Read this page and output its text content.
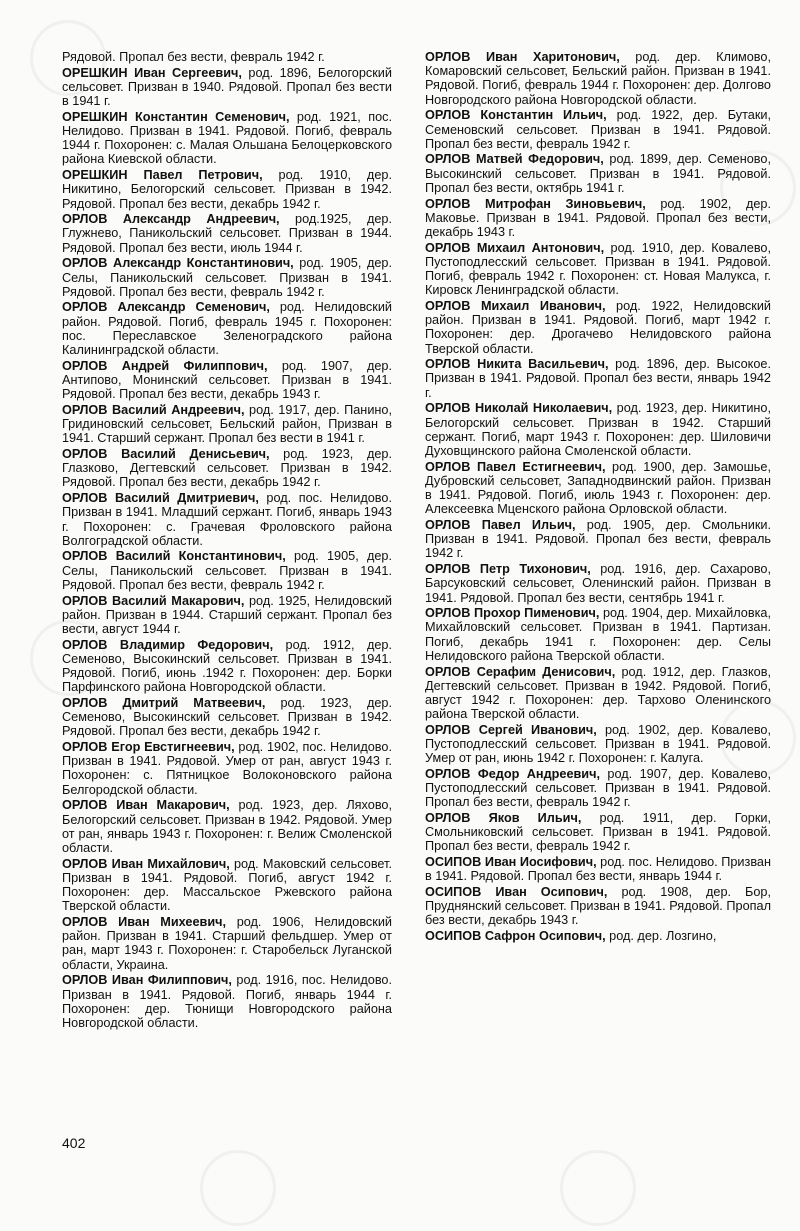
Рядовой. Пропал без вести, февраль 1942 г.
ОРЕШКИН Иван Сергеевич, род. 1896, Белогорский сельсовет. Призван в 1940. Рядовой. Пропал без вести в 1941 г.
ОРЕШКИН Константин Семенович, род. 1921, пос. Нелидово. Призван в 1941. Рядовой. Погиб, февраль 1944 г. Похоронен: с. Малая Ольшана Белоцерковского района Киевской области.
ОРЕШКИН Павел Петрович, род. 1910, дер. Никитино, Белогорский сельсовет. Призван в 1942. Рядовой. Пропал без вести, декабрь 1942 г.
ОРЛОВ Александр Андреевич, род.1925, дер. Глужнево, Паникольский сельсовет. Призван в 1944. Рядовой. Пропал без вести, июль 1944 г.
ОРЛОВ Александр Константинович, род. 1905, дер. Селы, Паникольский сельсовет. Призван в 1941. Рядовой. Пропал без вести, февраль 1942 г.
ОРЛОВ Александр Семенович, род. Нелидовский район. Рядовой. Погиб, февраль 1945 г. Похоронен: пос. Переславское Зеленоградского района Калининградской области.
ОРЛОВ Андрей Филиппович, род. 1907, дер. Антипово, Монинский сельсовет. Призван в 1941. Рядовой. Пропал без вести, декабрь 1943 г.
ОРЛОВ Василий Андреевич, род. 1917, дер. Панино, Гридиновский сельсовет, Бельский район, Призван в 1941. Старший сержант. Пропал без вести в 1941 г.
ОРЛОВ Василий Денисьевич, род. 1923, дер. Глазково, Дегтевский сельсовет. Призван в 1942. Рядовой. Пропал без вести, декабрь 1942 г.
ОРЛОВ Василий Дмитриевич, род. пос. Нелидово. Призван в 1941. Младший сержант. Погиб, январь 1943 г. Похоронен: с. Грачевая Фроловского района Волгоградской области.
ОРЛОВ Василий Константинович, род. 1905, дер. Селы, Паникольский сельсовет. Призван в 1941. Рядовой. Пропал без вести, февраль 1942 г.
ОРЛОВ Василий Макарович, род. 1925, Нелидовский район. Призван в 1944. Старший сержант. Пропал без вести, август 1944 г.
ОРЛОВ Владимир Федорович, род. 1912, дер. Семеново, Высокинский сельсовет. Призван в 1941. Рядовой. Погиб, июнь .1942 г. Похоронен: дер. Борки Парфинского района Новгородской области.
ОРЛОВ Дмитрий Матвеевич, род. 1923, дер. Семеново, Высокинский сельсовет. Призван в 1942. Рядовой. Пропал без вести, декабрь 1942 г.
ОРЛОВ Егор Евстигнеевич, род. 1902, пос. Нелидово. Призван в 1941. Рядовой. Умер от ран, август 1943 г. Похоронен: с. Пятницкое Волоконовского района Белгородской области.
ОРЛОВ Иван Макарович, род. 1923, дер. Ляхово, Белогорский сельсовет. Призван в 1942. Рядовой. Умер от ран, январь 1943 г. Похоронен: г. Велиж Смоленской области.
ОРЛОВ Иван Михайлович, род. Маковский сельсовет. Призван в 1941. Рядовой. Погиб, август 1942 г. Похоронен: дер. Массальское Ржевского района Тверской области.
ОРЛОВ Иван Михеевич, род. 1906, Нелидовский район. Призван в 1941. Старший фельдшер. Умер от ран, март 1943 г. Похоронен: г. Старобельск Луганской области, Украина.
ОРЛОВ Иван Филиппович, род. 1916, пос. Нелидово. Призван в 1941. Рядовой. Погиб, январь 1944 г. Похоронен: дер. Тюнищи Новгородского района Новгородской области.
ОРЛОВ Иван Харитонович, род. дер. Климово, Комаровский сельсовет, Бельский район. Призван в 1941. Рядовой. Погиб, февраль 1944 г. Похоронен: дер. Долгово Новгородского района Новгородской области.
ОРЛОВ Константин Ильич, род. 1922, дер. Бутаки, Семеновский сельсовет. Призван в 1941. Рядовой. Пропал без вести, февраль 1942 г.
ОРЛОВ Матвей Федорович, род. 1899, дер. Семеново, Высокинский сельсовет. Призван в 1941. Рядовой. Пропал без вести, октябрь 1941 г.
ОРЛОВ Митрофан Зиновьевич, род. 1902, дер. Маковье. Призван в 1941. Рядовой. Пропал без вести, декабрь 1943 г.
ОРЛОВ Михаил Антонович, род. 1910, дер. Ковалево, Пустоподлесский сельсовет. Призван в 1941. Рядовой. Погиб, февраль 1942 г. Похоронен: ст. Новая Малукса, г. Кировск Ленинградской области.
ОРЛОВ Михаил Иванович, род. 1922, Нелидовский район. Призван в 1941. Рядовой. Погиб, март 1942 г. Похоронен: дер. Дрогачево Нелидовского района Тверской области.
ОРЛОВ Никита Васильевич, род. 1896, дер. Высокое. Призван в 1941. Рядовой. Пропал без вести, январь 1942 г.
ОРЛОВ Николай Николаевич, род. 1923, дер. Никитино, Белогорский сельсовет. Призван в 1942. Старший сержант. Погиб, март 1943 г. Похоронен: дер. Шиловичи Духовщинского района Смоленской области.
ОРЛОВ Павел Естигнеевич, род. 1900, дер. Замошье, Дубровский сельсовет, Западнодвинский район. Призван в 1941. Рядовой. Погиб, июль 1943 г. Похоронен: дер. Алексеевка Мценского района Орловской области.
ОРЛОВ Павел Ильич, род. 1905, дер. Смольники. Призван в 1941. Рядовой. Пропал без вести, февраль 1942 г.
ОРЛОВ Петр Тихонович, род. 1916, дер. Сахарово, Барсуковский сельсовет, Оленинский район. Призван в 1941. Рядовой. Пропал без вести, сентябрь 1941 г.
ОРЛОВ Прохор Пименович, род. 1904, дер. Михайловка, Михайловский сельсовет. Призван в 1941. Партизан. Погиб, декабрь 1941 г. Похоронен: дер. Селы Нелидовского района Тверской области.
ОРЛОВ Серафим Денисович, род. 1912, дер. Глазков, Дегтевский сельсовет. Призван в 1942. Рядовой. Погиб, август 1942 г. Похоронен: дер. Тархово Оленинского района Тверской области.
ОРЛОВ Сергей Иванович, род. 1902, дер. Ковалево, Пустоподлесский сельсовет. Призван в 1941. Рядовой. Умер от ран, июнь 1942 г. Похоронен: г. Калуга.
ОРЛОВ Федор Андреевич, род. 1907, дер. Ковалево, Пустоподлесский сельсовет. Призван в 1941. Рядовой. Пропал без вести, февраль 1942 г.
ОРЛОВ Яков Ильич, род. 1911, дер. Горки, Смольниковский сельсовет. Призван в 1941. Рядовой. Пропал без вести, февраль 1942 г.
ОСИПОВ Иван Иосифович, род. пос. Нелидово. Призван в 1941. Рядовой. Пропал без вести, январь 1944 г.
ОСИПОВ Иван Осипович, род. 1908, дер. Бор, Пруднянский сельсовет. Призван в 1941. Рядовой. Пропал без вести, декабрь 1943 г.
ОСИПОВ Сафрон Осипович, род. дер. Лозгино,
402
